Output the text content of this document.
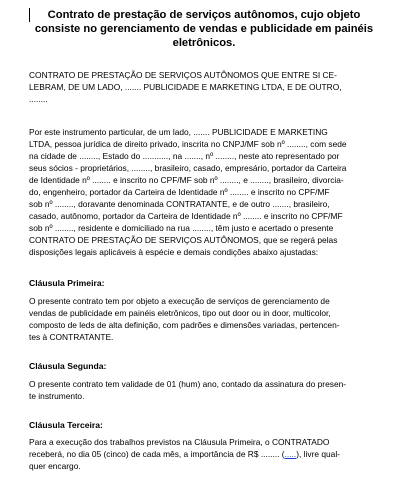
Contrato de prestação de serviços autônomos, cujo objeto consiste no gerenciamento de vendas e publicidade em painéis eletrônicos.

CONTRATO DE PRESTAÇÃO DE SERVIÇOS AUTÔNOMOS QUE ENTRE SI CE-
LEBRAM, DE UM LADO, ....... PUBLICIDADE E MARKETING LTDA, E DE OUTRO,
........
Por este instrumento particular, de um lado, ....... PUBLICIDADE E MARKETING
LTDA, pessoa jurídica de direito privado, inscrita no CNPJ/MF sob nº ........, com sede
na cidade de ........, Estado do ..........., na ......., nº ........, neste ato representado por
seus sócios - proprietários, ........, brasileiro, casado, empresário, portador da Carteira
de Identidade nº ........ e inscrito no CPF/MF sob nº ........, e ........, brasileiro, divorcia-
do, engenheiro, portador da Carteira de Identidade nº ........ e inscrito no CPF/MF
sob nº ........, doravante denominada CONTRATANTE, e de outro ......., brasileiro,
casado, autônomo, portador da Carteira de Identidade nº ........ e inscrito no CPF/MF
sob nº ........, residente e domiciliado na rua ........, têm justo e acertado o presente
CONTRATO DE PRESTAÇÃO DE SERVIÇOS AUTÔNOMOS, que se regerá pelas
disposições legais aplicáveis à espécie e demais condições abaixo ajustadas:
Cláusula Primeira:
O presente contrato tem por objeto a execução de serviços de gerenciamento de
vendas de publicidade em painéis eletrônicos, tipo out door ou in door, multicolor,
composto de leds de alta definição, com padrões e dimensões variadas, pertencen-
tes à CONTRATANTE.
Cláusula Segunda:
O presente contrato tem validade de 01 (hum) ano, contado da assinatura do presen-
te instrumento.
Cláusula Terceira:
Para a execução dos trabalhos previstos na Cláusula Primeira, o CONTRATADO
receberá, no dia 05 (cinco) de cada mês, a importância de R$ ........ (.....), livre qual-
quer encargo.
